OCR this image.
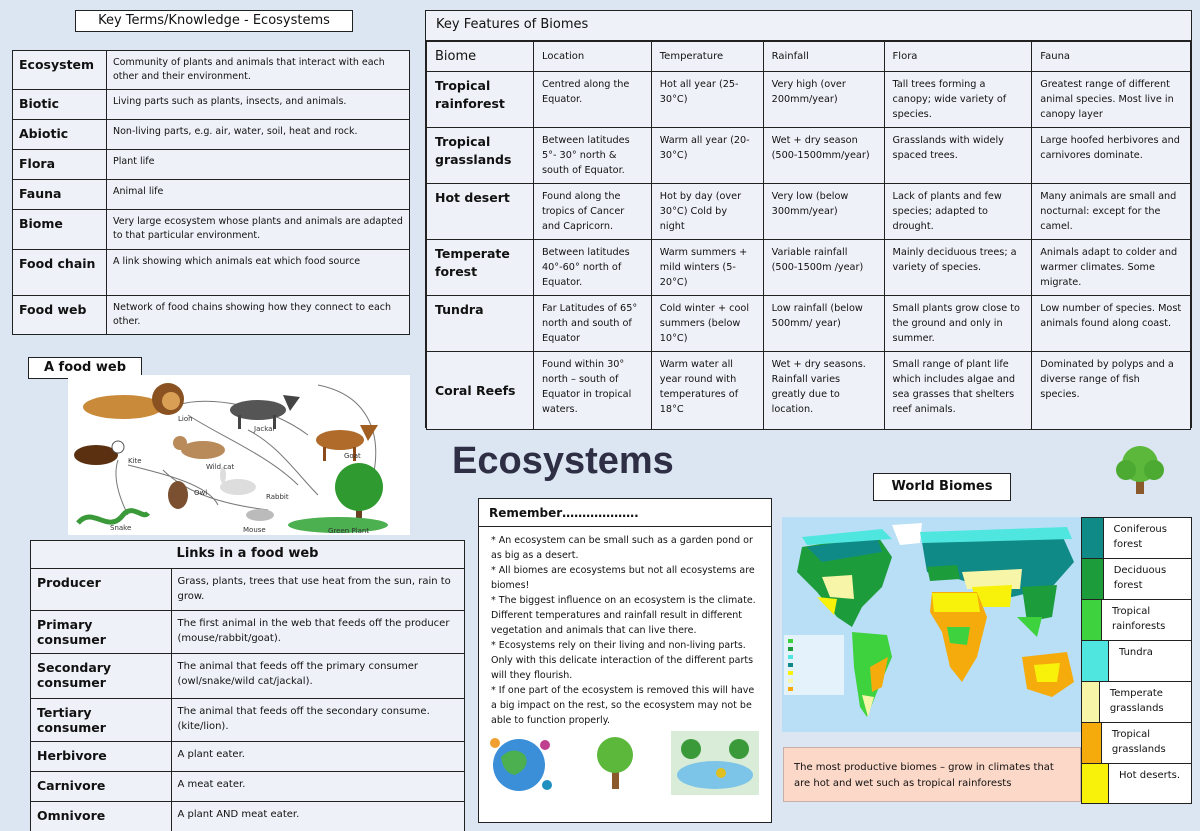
Key Terms/Knowledge - Ecosystems
Ecosystem	Community of plants and animals that interact with each other and their environment.
Biotic	Living parts such as plants, insects, and animals.
Abiotic	Non-living parts, e.g. air, water, soil, heat and rock.
Flora	Plant life
Fauna	Animal life
Biome	Very large ecosystem whose plants and animals are adapted to that particular environment.
Food chain	A link showing which animals eat which food source
Food web	Network of food chains showing how they connect to each other.
A food web
Lion
Jackal
Goat
Kite
Wild cat
Owl	Rabbit
Snake	Mouse	Green Plant
Links in a food web
Producer	Grass, plants, trees that use heat from the sun, rain to grow.
Primary consumer	The first animal in the web that feeds off the producer (mouse/rabbit/goat).
Secondary consumer	The animal that feeds off the primary consumer (owl/snake/wild cat/jackal).
Tertiary consumer	The animal that feeds off the secondary consume. (kite/lion).
Herbivore	A plant eater.
Carnivore	A meat eater.
Omnivore	A plant AND meat eater.
Key Features of Biomes
Biome	Location	Temperature	Rainfall	Flora	Fauna
Tropical rainforest	Centred along the Equator.	Hot all year (25-30°C)	Very high (over 200mm/year)	Tall trees forming a canopy; wide variety of species.	Greatest range of different animal species. Most live in canopy layer
Tropical grasslands	Between latitudes 5°- 30° north & south of Equator.	Warm all year (20-30°C)	Wet + dry season (500-1500mm/year)	Grasslands with widely spaced trees.	Large hoofed herbivores and carnivores dominate.
Hot desert	Found along the tropics of Cancer and Capricorn.	Hot by day (over 30°C) Cold by night	Very low (below 300mm/year)	Lack of plants and few species; adapted to drought.	Many animals are small and nocturnal: except for the camel.
Temperate forest	Between latitudes 40°-60° north of Equator.	Warm summers + mild winters (5-20°C)	Variable rainfall (500-1500m /year)	Mainly deciduous trees; a variety of species.	Animals adapt to colder and warmer climates. Some migrate.
Tundra	Far Latitudes of 65° north and south of Equator	Cold winter + cool summers (below 10°C)	Low rainfall (below 500mm/ year)	Small plants grow close to the ground and only in summer.	Low number of species. Most animals found along coast.
Coral Reefs	Found within 30° north – south of Equator in tropical waters.	Warm water all year round with temperatures of 18°C	Wet + dry seasons. Rainfall varies greatly due to location.	Small range of plant life which includes algae and sea grasses that shelters reef animals.	Dominated by polyps and a diverse range of fish species.
Ecosystems
Remember……………….

* An ecosystem can be small such as a garden pond or as big as a desert.

* All biomes are ecosystems but not all ecosystems are biomes!

* The biggest influence on an ecosystem is the climate. Different temperatures and rainfall result in different vegetation and animals that can live there.

* Ecosystems rely on their living and non-living parts. Only with this delicate interaction of the different parts will they flourish.

* If one part of the ecosystem is removed this will have a big impact on the rest, so the ecosystem may not be able to function properly.

World Biomes
The most productive biomes – grow in climates that are hot and wet such as tropical rainforests
Coniferous forest
Deciduous forest
Tropical rainforests
Tundra
Temperate grasslands
Tropical grasslands
Hot deserts.
